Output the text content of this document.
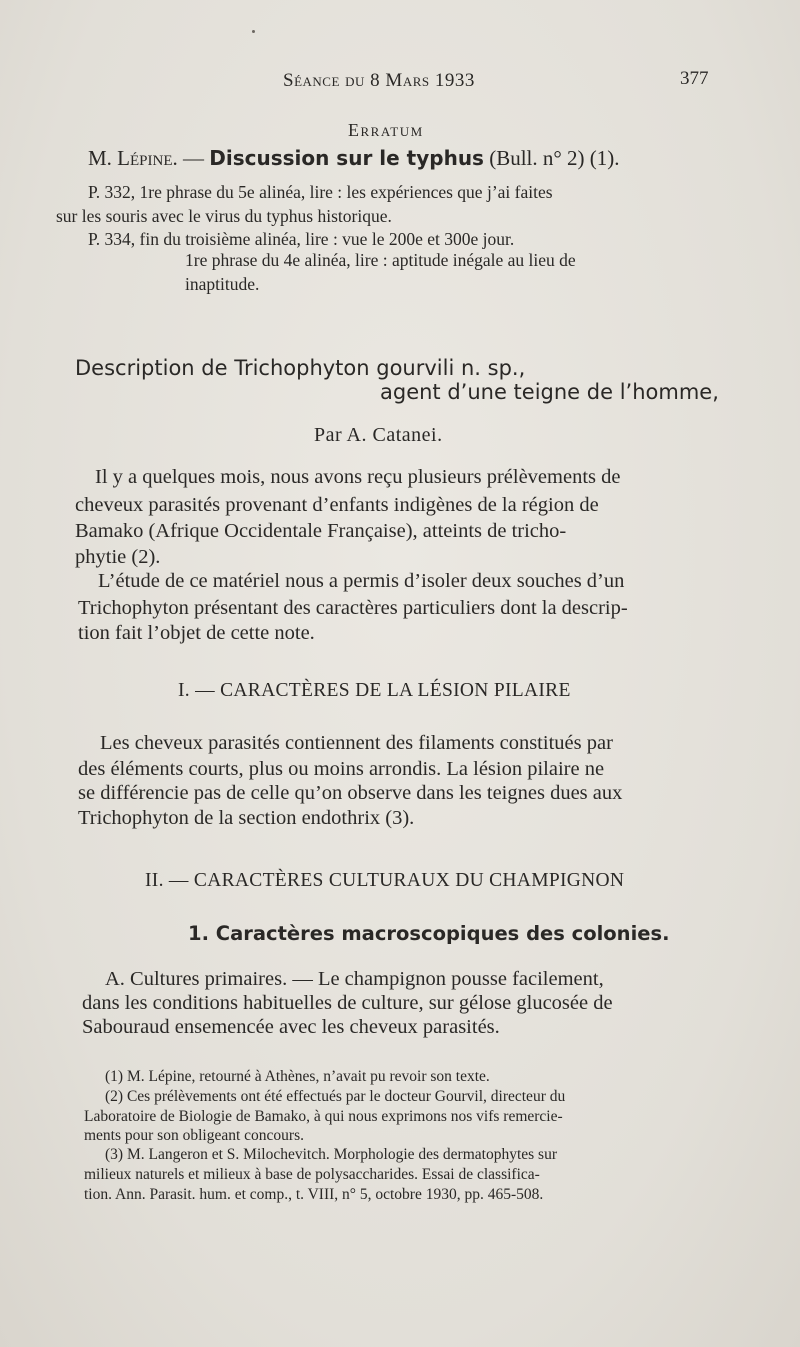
Séance du 8 Mars 1933	377
Erratum
M. Lépine. — Discussion sur le typhus (Bull. n° 2) (1).
P. 332, 1re phrase du 5e alinéa, lire : les expériences que j’ai faites
sur les souris avec le virus du typhus historique.
P. 334, fin du troisième alinéa, lire : vue le 200e et 300e jour.
1re phrase du 4e alinéa, lire : aptitude inégale au lieu de
inaptitude.
Description de Trichophyton gourvili n. sp.,
agent d’une teigne de l’homme,
Par A. Catanei.
Il y a quelques mois, nous avons reçu plusieurs prélèvements de
cheveux parasités provenant d’enfants indigènes de la région de
Bamako (Afrique Occidentale Française), atteints de tricho-
phytie (2).
L’étude de ce matériel nous a permis d’isoler deux souches d’un
Trichophyton présentant des caractères particuliers dont la descrip-
tion fait l’objet de cette note.
I. — CARACTÈRES DE LA LÉSION PILAIRE
Les cheveux parasités contiennent des filaments constitués par
des éléments courts, plus ou moins arrondis. La lésion pilaire ne
se différencie pas de celle qu’on observe dans les teignes dues aux
Trichophyton de la section endothrix (3).
II. — CARACTÈRES CULTURAUX DU CHAMPIGNON
1. Caractères macroscopiques des colonies.
A. Cultures primaires. — Le champignon pousse facilement,
dans les conditions habituelles de culture, sur gélose glucosée de
Sabouraud ensemencée avec les cheveux parasités.
(1) M. Lépine, retourné à Athènes, n’avait pu revoir son texte.
(2) Ces prélèvements ont été effectués par le docteur Gourvil, directeur du
Laboratoire de Biologie de Bamako, à qui nous exprimons nos vifs remercie-
ments pour son obligeant concours.
(3) M. Langeron et S. Milochevitch. Morphologie des dermatophytes sur
milieux naturels et milieux à base de polysaccharides. Essai de classifica-
tion. Ann. Parasit. hum. et comp., t. VIII, n° 5, octobre 1930, pp. 465-508.
